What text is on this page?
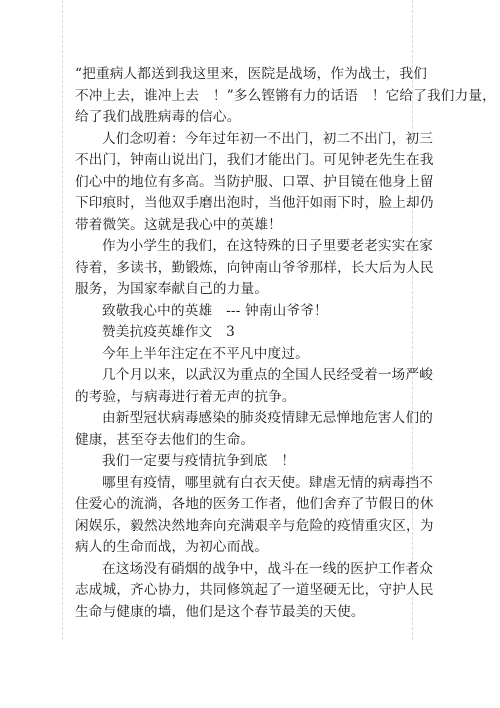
“把重病人都送到我这里来，医院是战场，作为战士，我们
不冲上去，谁冲上去　！”多么铿锵有力的话语　！它给了我们力量，
给了我们战胜病毒的信心。
人们念叨着：今年过年初一不出门，初二不出门，初三
不出门，钟南山说出门，我们才能出门。可见钟老先生在我
们心中的地位有多高。当防护服、口罩、护目镜在他身上留
下印痕时，当他双手磨出泡时，当他汗如雨下时，脸上却仍
带着微笑。这就是我心中的英雄！
作为小学生的我们，在这特殊的日子里要老老实实在家
待着，多读书，勤锻炼，向钟南山爷爷那样，长大后为人民
服务，为国家奉献自己的力量。
致敬我心中的英雄　--- 钟南山爷爷！
赞美抗疫英雄作文　3
今年上半年注定在不平凡中度过。
几个月以来，以武汉为重点的全国人民经受着一场严峻
的考验，与病毒进行着无声的抗争。
由新型冠状病毒感染的肺炎疫情肆无忌惮地危害人们的
健康，甚至夺去他们的生命。
我们一定要与疫情抗争到底　！
哪里有疫情，哪里就有白衣天使。肆虐无情的病毒挡不
住爱心的流淌，各地的医务工作者，他们舍弃了节假日的休
闲娱乐，毅然决然地奔向充满艰辛与危险的疫情重灾区，为
病人的生命而战，为初心而战。
在这场没有硝烟的战争中，战斗在一线的医护工作者众
志成城，齐心协力，共同修筑起了一道坚硬无比，守护人民
生命与健康的墙，他们是这个春节最美的天使。
